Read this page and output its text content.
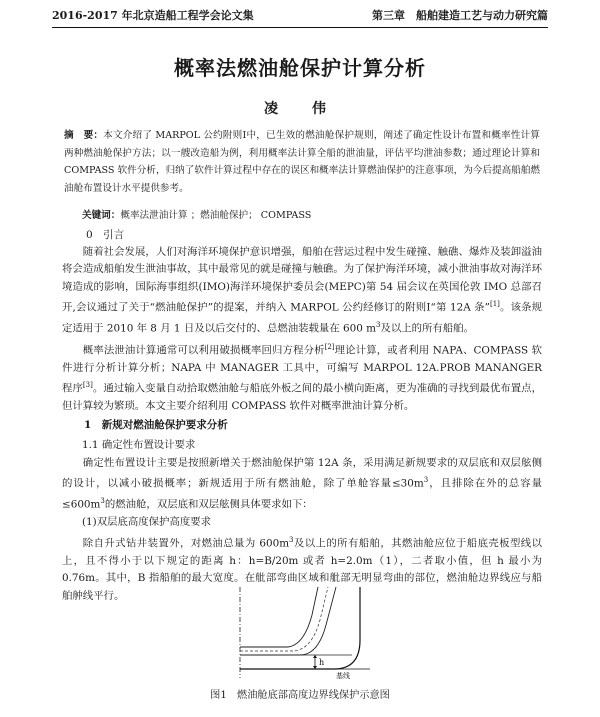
2016-2017 年北京造船工程学会论文集	第三章　船舶建造工艺与动力研究篇
概率法燃油舱保护计算分析
凌　伟
摘　要：本文介绍了 MARPOL 公约附则Ⅰ中，已生效的燃油舱保护规则，阐述了确定性设计布置和概率性计算两种燃油舱保护方法；以一艘改造船为例，利用概率法计算全船的泄油量，评估平均泄油参数；通过理论计算和 COMPASS 软件分析，归纳了软件计算过程中存在的误区和概率法计算燃油保护的注意事项，为今后提高船舶燃油舱布置设计水平提供参考。
关键词：概率法泄油计算 ；燃油舱保护； COMPASS
0　引言
随着社会发展，人们对海洋环境保护意识增强，船舶在营运过程中发生碰撞、触礁、爆炸及装卸溢油将会造成船舶发生泄油事故，其中最常见的就是碰撞与触礁。为了保护海洋环境，减小泄油事故对海洋环境造成的影响，国际海事组织(IMO)海洋环境保护委员会(MEPC)第 54 届会议在英国伦敦 IMO 总部召开,会议通过了关于“燃油舱保护”的提案，并纳入 MARPOL 公约经修订的附则Ⅰ“第 12A 条”[1]。该条规定适用于 2010 年 8 月 1 日及以后交付的、总燃油装载量在 600 $m^3$及以上的所有船舶。
概率法泄油计算通常可以利用破损概率回归方程分析[2]理论计算，或者利用 NAPA、COMPASS 软件进行分析计算分析；NAPA 中 MANAGER 工具中，可编写 MARPOL 12A.PROB MANANGER 程序[3]。通过输入变量自动拾取燃油舱与船底外板之间的最小横向距离，更为准确的寻找到最优布置点，但计算较为繁琐。本文主要介绍利用 COMPASS 软件对概率泄油计算分析。
1　新规对燃油舱保护要求分析
1.1 确定性布置设计要求
确定性布置设计主要是按照新增关于燃油舱保护第 12A 条，采用满足新规要求的双层底和双层舷侧的设计，以减小破损概率；新规适用于所有燃油舱，除了单舱容量$\le 30m^3$，且排除在外的总容量$\le 600m^3$的燃油舱，双层底和双层舷侧具体要求如下：
(1)双层底高度保护高度要求
除自升式钻井装置外，对燃油总量为 $600m^3$及以上的所有船舶，其燃油舱应位于船底壳板型线以上，且不得小于以下规定的距离 h：h=B/20m 或者 h=2.0m（1），二者取小值，但 h 最小为 0.76m。其中，B 指船舶的最大宽度。在舭部弯曲区域和舭部无明显弯曲的部位，燃油舱边界线应与船舶舯线平行。
h
基线
图1　燃油舱底部高度边界线保护示意图
